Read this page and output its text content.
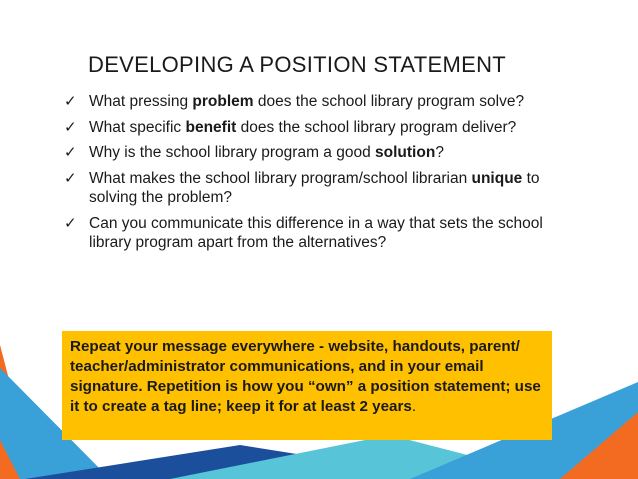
DEVELOPING A POSITION STATEMENT
✓ What pressing problem does the school library program solve?
✓ What specific benefit does the school library program deliver?
✓ Why is the school library program a good solution?
✓ What makes the school library program/school librarian unique to solving the problem?
✓ Can you communicate this difference in a way that sets the school library program apart from the alternatives?
Repeat your message everywhere - website, handouts, parent/ teacher/administrator communications, and in your email signature. Repetition is how you “own” a position statement; use it to create a tag line; keep it for at least 2 years.
